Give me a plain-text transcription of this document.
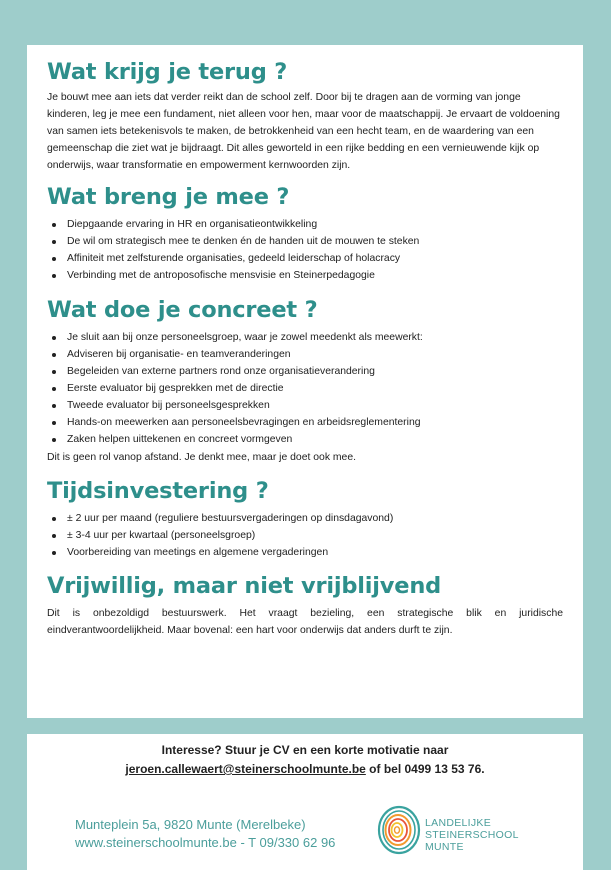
Wat krijg je terug ?

Je bouwt mee aan iets dat verder reikt dan de school zelf. Door bij te dragen aan de vorming van jonge kinderen, leg je mee een fundament, niet alleen voor hen, maar voor de maatschappij. Je ervaart de voldoening van samen iets betekenisvols te maken, de betrokkenheid van een hecht team, en de waardering van een gemeenschap die ziet wat je bijdraagt. Dit alles geworteld in een rijke bedding en een vernieuwende kijk op onderwijs, waar transformatie en empowerment kernwoorden zijn.

Wat breng je mee ?
Diepgaande ervaring in HR en organisatieontwikkeling
De wil om strategisch mee te denken én de handen uit de mouwen te steken
Affiniteit met zelfsturende organisaties, gedeeld leiderschap of holacracy
Verbinding met de antroposofische mensvisie en Steinerpedagogie
Wat doe je concreet ?
Je sluit aan bij onze personeelsgroep, waar je zowel meedenkt als meewerkt:
Adviseren bij organisatie- en teamveranderingen
Begeleiden van externe partners rond onze organisatieverandering
Eerste evaluator bij gesprekken met de directie
Tweede evaluator bij personeelsgesprekken
Hands-on meewerken aan personeelsbevragingen en arbeidsreglementering
Zaken helpen uittekenen en concreet vormgeven

Dit is geen rol vanop afstand. Je denkt mee, maar je doet ook mee.

Tijdsinvestering ?
± 2 uur per maand (reguliere bestuursvergaderingen op dinsdagavond)
± 3-4 uur per kwartaal (personeelsgroep)
Voorbereiding van meetings en algemene vergaderingen
Vrijwillig, maar niet vrijblijvend

Dit is onbezoldigd bestuurswerk. Het vraagt bezieling, een strategische blik en juridische eindverantwoordelijkheid. Maar bovenal: een hart voor onderwijs dat anders durft te zijn.

Interesse? Stuur je CV en een korte motivatie naar
jeroen.callewaert@steinerschoolmunte.be of bel 0499 13 53 76.
Munteplein 5a, 9820 Munte (Merelbeke)
www.steinerschoolmunte.be - T 09/330 62 96
LANDELIJKE
STEINERSCHOOL
MUNTE
